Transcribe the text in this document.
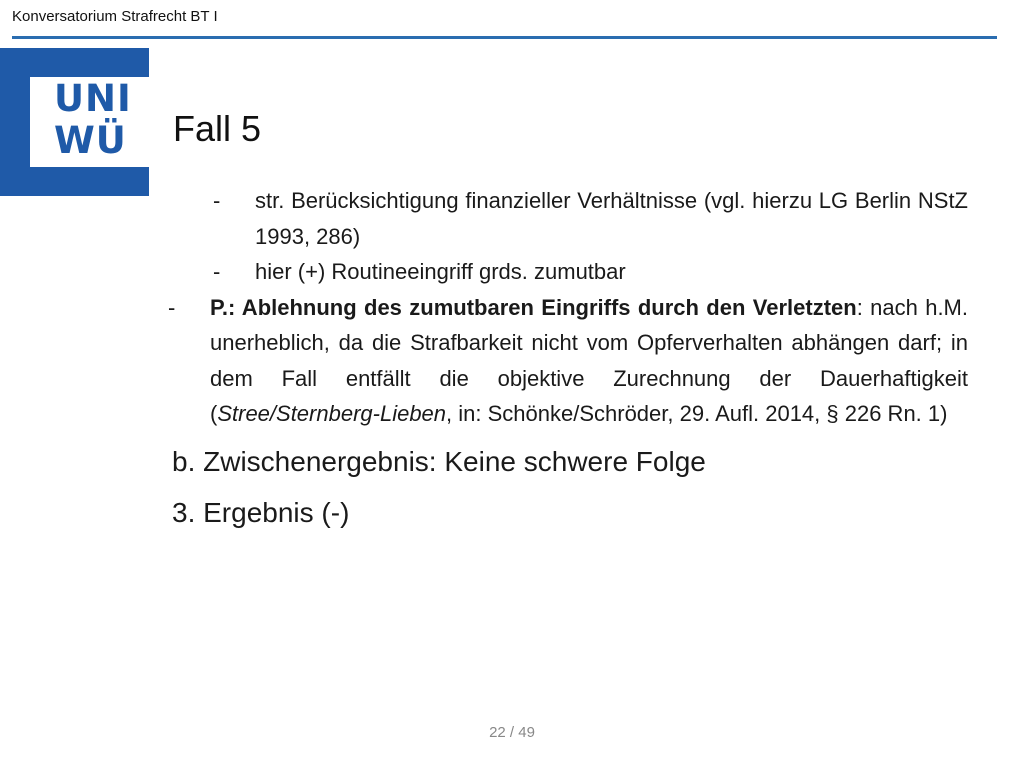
Konversatorium Strafrecht BT I
UNI
WÜ Fall 5
- str. Berücksichtigung finanzieller Verhältnisse (vgl. hierzu LG Berlin NStZ 1993, 286)
- hier (+) Routineeingriff grds. zumutbar
- P.: Ablehnung des zumutbaren Eingriffs durch den Verletzten: nach h.M. unerheblich, da die Strafbarkeit nicht vom Opferverhalten abhängen darf; in dem Fall entfällt die objektive Zurechnung der Dauerhaftigkeit (Stree/Sternberg-Lieben, in: Schönke/Schröder, 29. Aufl. 2014, § 226 Rn. 1)
b. Zwischenergebnis: Keine schwere Folge
3. Ergebnis (-)
22 / 49
